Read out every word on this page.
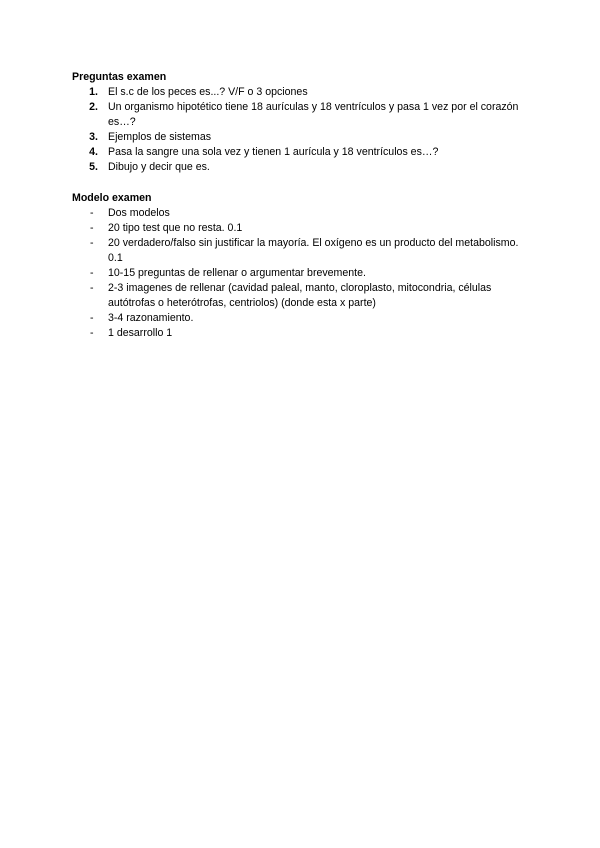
Preguntas examen
1. El s.c de los peces es...? V/F o 3 opciones
2. Un organismo hipotético tiene 18 aurículas y 18 ventrículos y pasa 1 vez por el corazón es…?
3. Ejemplos de sistemas
4. Pasa la sangre una sola vez y tienen 1 aurícula y 18 ventrículos es…?
5. Dibujo y decir que es.
Modelo examen
- Dos modelos
- 20 tipo test que no resta. 0.1
- 20 verdadero/falso sin justificar la mayoría. El oxígeno es un producto del metabolismo. 0.1
- 10-15 preguntas de rellenar o argumentar brevemente.
- 2-3 imagenes de rellenar (cavidad paleal, manto, cloroplasto, mitocondria, células autótrofas o heterótrofas, centriolos) (donde esta x parte)
- 3-4 razonamiento.
- 1 desarrollo 1
